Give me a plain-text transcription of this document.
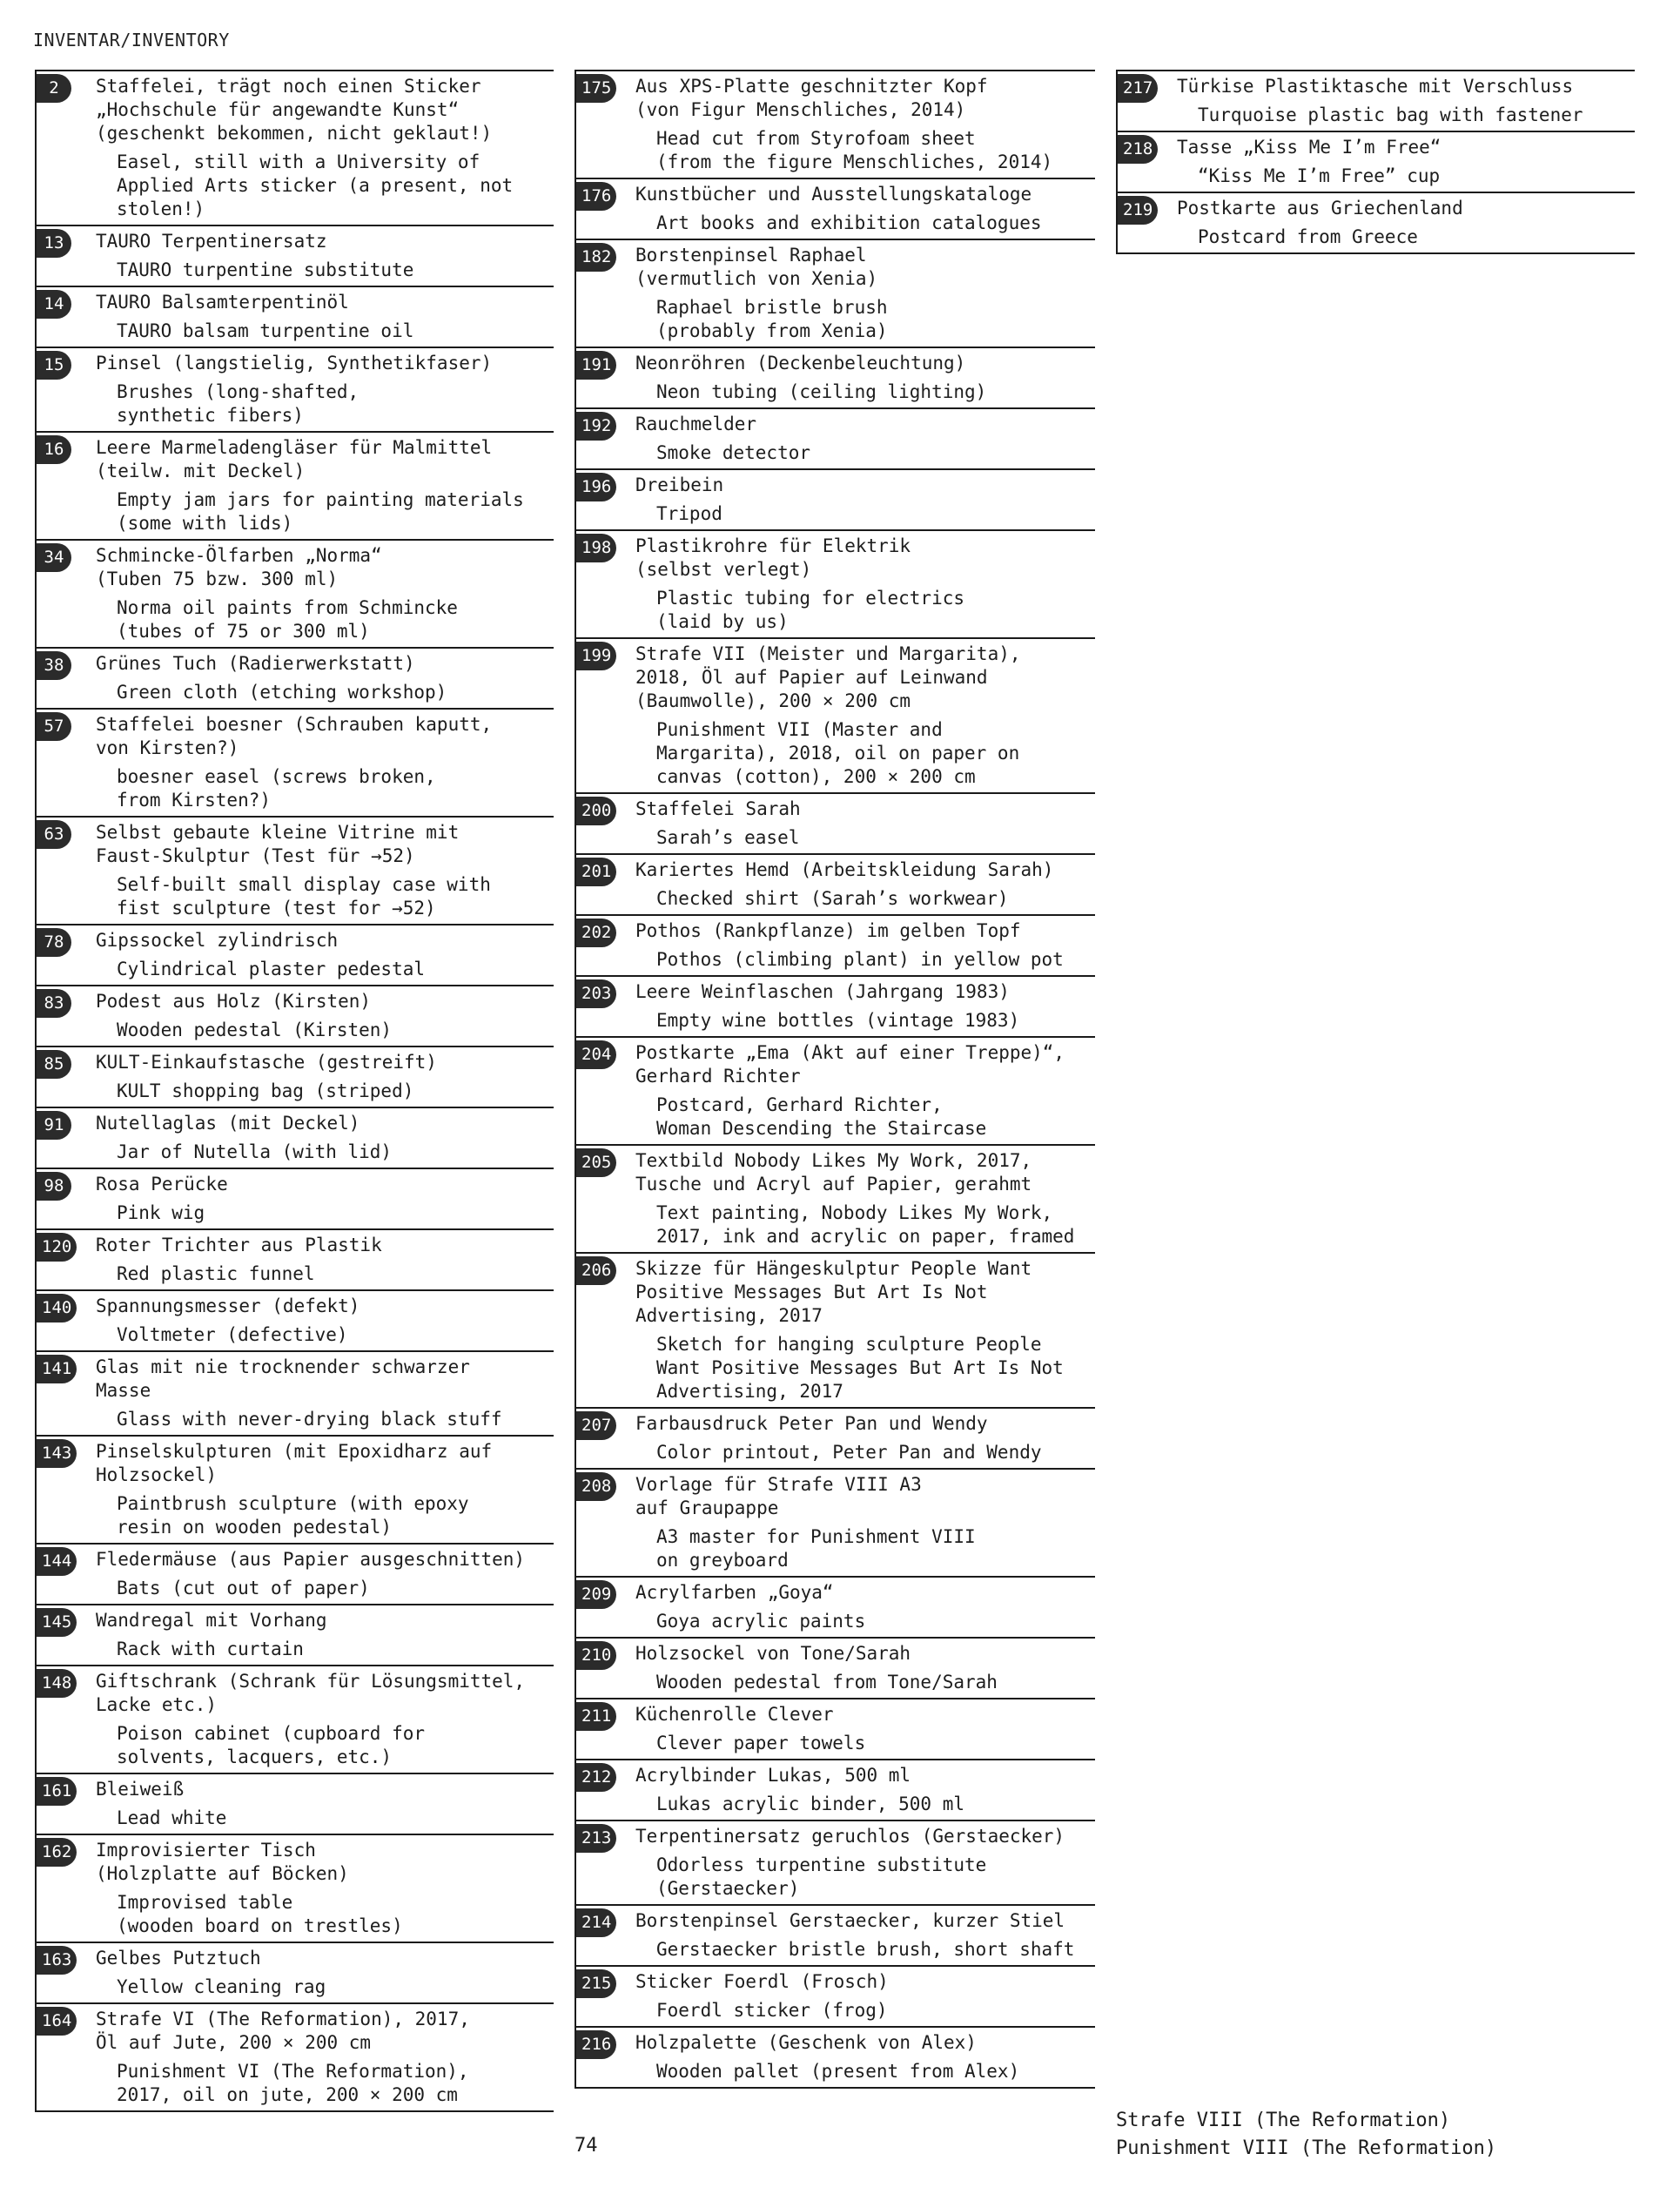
INVENTAR/INVENTORY
2	Staffelei, trägt noch einen Sticker
„Hochschule für angewandte Kunst“
(geschenkt bekommen, nicht geklaut!)
Easel, still with a University of
Applied Arts sticker (a present, not
stolen!)
13	TAURO Terpentinersatz
TAURO turpentine substitute
14	TAURO Balsamterpentinöl
TAURO balsam turpentine oil
15	Pinsel (langstielig, Synthetikfaser)
Brushes (long-shafted,
synthetic fibers)
16	Leere Marmeladengläser für Malmittel
(teilw. mit Deckel)
Empty jam jars for painting materials
(some with lids)
34	Schmincke-Ölfarben „Norma“
(Tuben 75 bzw. 300 ml)
Norma oil paints from Schmincke
(tubes of 75 or 300 ml)
38	Grünes Tuch (Radierwerkstatt)
Green cloth (etching workshop)
57	Staffelei boesner (Schrauben kaputt,
von Kirsten?)
boesner easel (screws broken,
from Kirsten?)
63	Selbst gebaute kleine Vitrine mit
Faust-Skulptur (Test für →52)
Self-built small display case with
fist sculpture (test for →52)
78	Gipssockel zylindrisch
Cylindrical plaster pedestal
83	Podest aus Holz (Kirsten)
Wooden pedestal (Kirsten)
85	KULT-Einkaufstasche (gestreift)
KULT shopping bag (striped)
91	Nutellaglas (mit Deckel)
Jar of Nutella (with lid)
98	Rosa Perücke
Pink wig
120 Roter Trichter aus Plastik
Red plastic funnel
140 Spannungsmesser (defekt)
Voltmeter (defective)
141 Glas mit nie trocknender schwarzer
Masse
Glass with never-drying black stuff
143 Pinselskulpturen (mit Epoxidharz auf
Holzsockel)
Paintbrush sculpture (with epoxy
resin on wooden pedestal)
144 Fledermäuse (aus Papier ausgeschnitten)
Bats (cut out of paper)
145 Wandregal mit Vorhang
Rack with curtain
148 Giftschrank (Schrank für Lösungsmittel,
Lacke etc.)
Poison cabinet (cupboard for
solvents, lacquers, etc.)
161 Bleiweiß
Lead white
162 Improvisierter Tisch
(Holzplatte auf Böcken)
Improvised table
(wooden board on trestles)
163 Gelbes Putztuch
Yellow cleaning rag
164 Strafe VI (The Reformation), 2017,
Öl auf Jute, 200 × 200 cm
Punishment VI (The Reformation),
2017, oil on jute, 200 × 200 cm
175 Aus XPS-Platte geschnitzter Kopf
(von Figur Menschliches, 2014)
Head cut from Styrofoam sheet
(from the figure Menschliches, 2014)
176 Kunstbücher und Ausstellungskataloge
Art books and exhibition catalogues
182 Borstenpinsel Raphael
(vermutlich von Xenia)
Raphael bristle brush
(probably from Xenia)
191 Neonröhren (Deckenbeleuchtung)
Neon tubing (ceiling lighting)
192 Rauchmelder
Smoke detector
196 Dreibein
Tripod
198 Plastikrohre für Elektrik
(selbst verlegt)
Plastic tubing for electrics
(laid by us)
199 Strafe VII (Meister und Margarita),
2018, Öl auf Papier auf Leinwand
(Baumwolle), 200 × 200 cm
Punishment VII (Master and
Margarita), 2018, oil on paper on
canvas (cotton), 200 × 200 cm
200 Staffelei Sarah
Sarah’s easel
201 Kariertes Hemd (Arbeitskleidung Sarah)
Checked shirt (Sarah’s workwear)
202 Pothos (Rankpflanze) im gelben Topf
Pothos (climbing plant) in yellow pot
203 Leere Weinflaschen (Jahrgang 1983)
Empty wine bottles (vintage 1983)
204 Postkarte „Ema (Akt auf einer Treppe)“,
Gerhard Richter
Postcard, Gerhard Richter,
Woman Descending the Staircase
205 Textbild Nobody Likes My Work, 2017,
Tusche und Acryl auf Papier, gerahmt
Text painting, Nobody Likes My Work,
2017, ink and acrylic on paper, framed
206 Skizze für Hängeskulptur People Want
Positive Messages But Art Is Not
Advertising, 2017
Sketch for hanging sculpture People
Want Positive Messages But Art Is Not
Advertising, 2017
207 Farbausdruck Peter Pan und Wendy
Color printout, Peter Pan and Wendy
208 Vorlage für Strafe VIII A3
auf Graupappe
A3 master for Punishment VIII
on greyboard
209 Acrylfarben „Goya“
Goya acrylic paints
210 Holzsockel von Tone/Sarah
Wooden pedestal from Tone/Sarah
211 Küchenrolle Clever
Clever paper towels
212 Acrylbinder Lukas, 500 ml
Lukas acrylic binder, 500 ml
213 Terpentinersatz geruchlos (Gerstaecker)
Odorless turpentine substitute
(Gerstaecker)
214 Borstenpinsel Gerstaecker, kurzer Stiel
Gerstaecker bristle brush, short shaft
215 Sticker Foerdl (Frosch)
Foerdl sticker (frog)
216 Holzpalette (Geschenk von Alex)
Wooden pallet (present from Alex)
217 Türkise Plastiktasche mit Verschluss
Turquoise plastic bag with fastener
218 Tasse „Kiss Me I’m Free“
“Kiss Me I’m Free” cup
219 Postkarte aus Griechenland
Postcard from Greece
74
Strafe VIII (The Reformation)
Punishment VIII (The Reformation)
